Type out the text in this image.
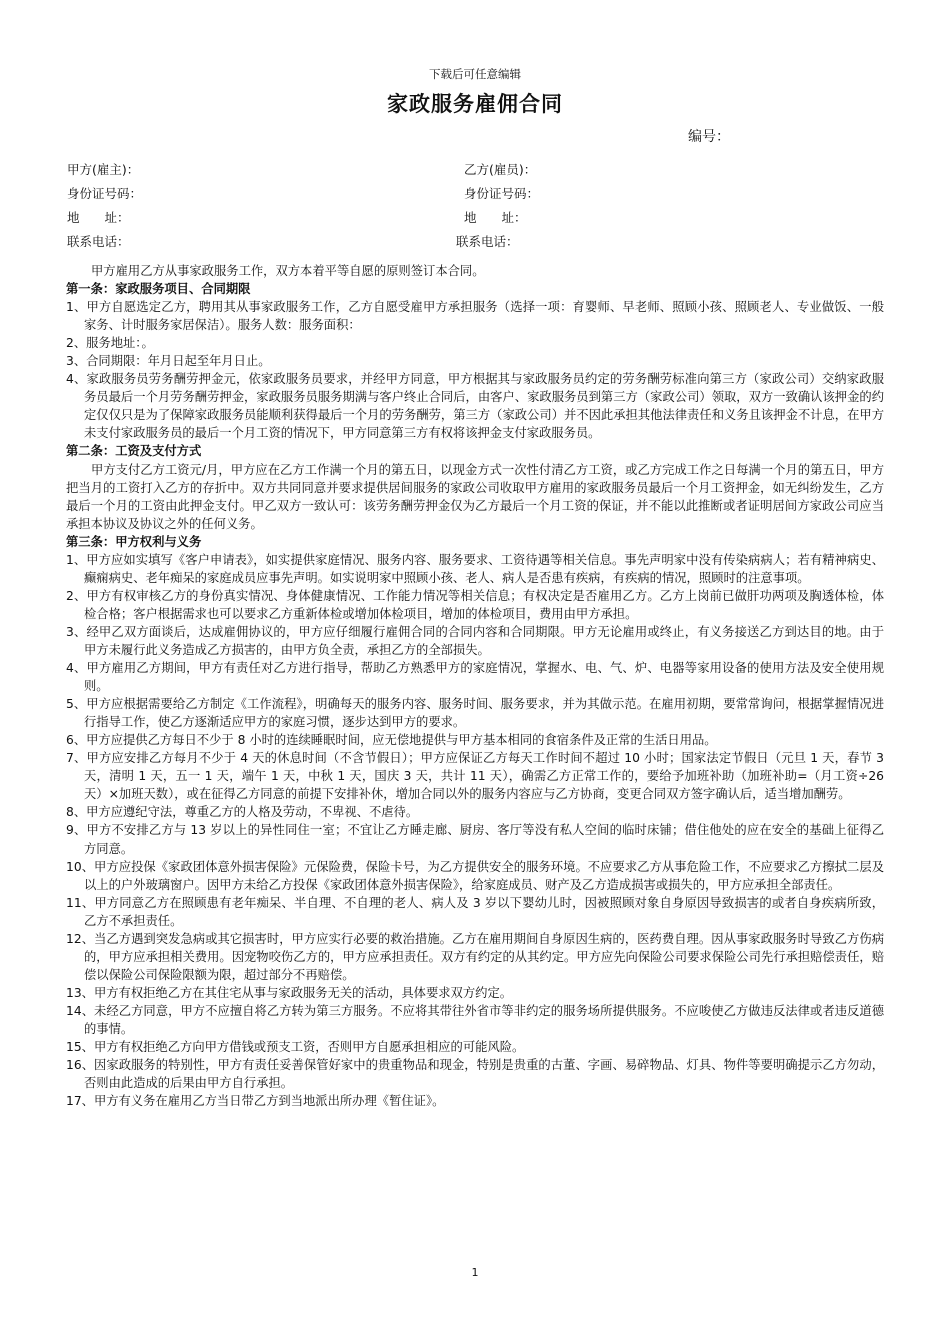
下载后可任意编辑
家政服务雇佣合同
编号：
甲方(雇主)：
身份证号码：
地　　址：
联系电话：
乙方(雇员)：
身份证号码：
地　　址：
联系电话：

甲方雇用乙方从事家政服务工作，双方本着平等自愿的原则签订本合同。

第一条：家政服务项目、合同期限

1、甲方自愿选定乙方，聘用其从事家政服务工作，乙方自愿受雇甲方承担服务（选择一项：育婴师、早老师、照顾小孩、照顾老人、专业做饭、一般家务、计时服务家居保洁）。服务人数：服务面积：

2、服务地址：。

3、合同期限：年月日起至年月日止。

4、家政服务员劳务酬劳押金元，依家政服务员要求，并经甲方同意，甲方根据其与家政服务员约定的劳务酬劳标准向第三方（家政公司）交纳家政服务员最后一个月劳务酬劳押金，家政服务员服务期满与客户终止合同后，由客户、家政服务员到第三方（家政公司）领取，双方一致确认该押金的约定仅仅只是为了保障家政服务员能顺利获得最后一个月的劳务酬劳，第三方（家政公司）并不因此承担其他法律责任和义务且该押金不计息，在甲方未支付家政服务员的最后一个月工资的情况下，甲方同意第三方有权将该押金支付家政服务员。

第二条：工资及支付方式

甲方支付乙方工资元/月，甲方应在乙方工作满一个月的第五日，以现金方式一次性付清乙方工资，或乙方完成工作之日每满一个月的第五日，甲方把当月的工资打入乙方的存折中。双方共同同意并要求提供居间服务的家政公司收取甲方雇用的家政服务员最后一个月工资押金，如无纠纷发生，乙方最后一个月的工资由此押金支付。甲乙双方一致认可：该劳务酬劳押金仅为乙方最后一个月工资的保证，并不能以此推断或者证明居间方家政公司应当承担本协议及协议之外的任何义务。

第三条：甲方权利与义务

1、甲方应如实填写《客户申请表》，如实提供家庭情况、服务内容、服务要求、工资待遇等相关信息。事先声明家中没有传染病病人；若有精神病史、癫痫病史、老年痴呆的家庭成员应事先声明。如实说明家中照顾小孩、老人、病人是否患有疾病，有疾病的情况，照顾时的注意事项。

2、甲方有权审核乙方的身份真实情况、身体健康情况、工作能力情况等相关信息；有权决定是否雇用乙方。乙方上岗前已做肝功两项及胸透体检，体检合格；客户根据需求也可以要求乙方重新体检或增加体检项目，增加的体检项目，费用由甲方承担。

3、经甲乙双方面谈后，达成雇佣协议的，甲方应仔细履行雇佣合同的合同内容和合同期限。甲方无论雇用或终止，有义务接送乙方到达目的地。由于甲方未履行此义务造成乙方损害的，由甲方负全责，承担乙方的全部损失。

4、甲方雇用乙方期间，甲方有责任对乙方进行指导，帮助乙方熟悉甲方的家庭情况，掌握水、电、气、炉、电器等家用设备的使用方法及安全使用规则。

5、甲方应根据需要给乙方制定《工作流程》，明确每天的服务内容、服务时间、服务要求，并为其做示范。在雇用初期，要常常询问，根据掌握情况进行指导工作，使乙方逐渐适应甲方的家庭习惯，逐步达到甲方的要求。

6、甲方应提供乙方每日不少于 8 小时的连续睡眠时间，应无偿地提供与甲方基本相同的食宿条件及正常的生活日用品。

7、甲方应安排乙方每月不少于 4 天的休息时间（不含节假日）；甲方应保证乙方每天工作时间不超过 10 小时；国家法定节假日（元旦 1 天，春节 3 天，清明 1 天，五一 1 天，端午 1 天，中秋 1 天，国庆 3 天，共计 11 天），确需乙方正常工作的，要给予加班补助（加班补助=（月工资÷26 天）×加班天数），或在征得乙方同意的前提下安排补休，增加合同以外的服务内容应与乙方协商，变更合同双方签字确认后，适当增加酬劳。

8、甲方应遵纪守法，尊重乙方的人格及劳动，不卑视、不虐待。

9、甲方不安排乙方与 13 岁以上的异性同住一室；不宜让乙方睡走廊、厨房、客厅等没有私人空间的临时床铺；借住他处的应在安全的基础上征得乙方同意。

10、甲方应投保《家政团体意外损害保险》元保险费，保险卡号，为乙方提供安全的服务环境。不应要求乙方从事危险工作，不应要求乙方擦拭二层及以上的户外玻璃窗户。因甲方未给乙方投保《家政团体意外损害保险》，给家庭成员、财产及乙方造成损害或损失的，甲方应承担全部责任。

11、甲方同意乙方在照顾患有老年痴呆、半自理、不自理的老人、病人及 3 岁以下婴幼儿时，因被照顾对象自身原因导致损害的或者自身疾病所致，乙方不承担责任。

12、当乙方遇到突发急病或其它损害时，甲方应实行必要的救治措施。乙方在雇用期间自身原因生病的，医药费自理。因从事家政服务时导致乙方伤病的，甲方应承担相关费用。因宠物咬伤乙方的，甲方应承担责任。双方有约定的从其约定。甲方应先向保险公司要求保险公司先行承担赔偿责任，赔偿以保险公司保险限额为限，超过部分不再赔偿。

13、甲方有权拒绝乙方在其住宅从事与家政服务无关的活动，具体要求双方约定。

14、未经乙方同意，甲方不应擅自将乙方转为第三方服务。不应将其带往外省市等非约定的服务场所提供服务。不应唆使乙方做违反法律或者违反道德的事情。

15、甲方有权拒绝乙方向甲方借钱或预支工资，否则甲方自愿承担相应的可能风险。

16、因家政服务的特别性，甲方有责任妥善保管好家中的贵重物品和现金，特别是贵重的古董、字画、易碎物品、灯具、物件等要明确提示乙方勿动，否则由此造成的后果由甲方自行承担。

17、甲方有义务在雇用乙方当日带乙方到当地派出所办理《暂住证》。

1
